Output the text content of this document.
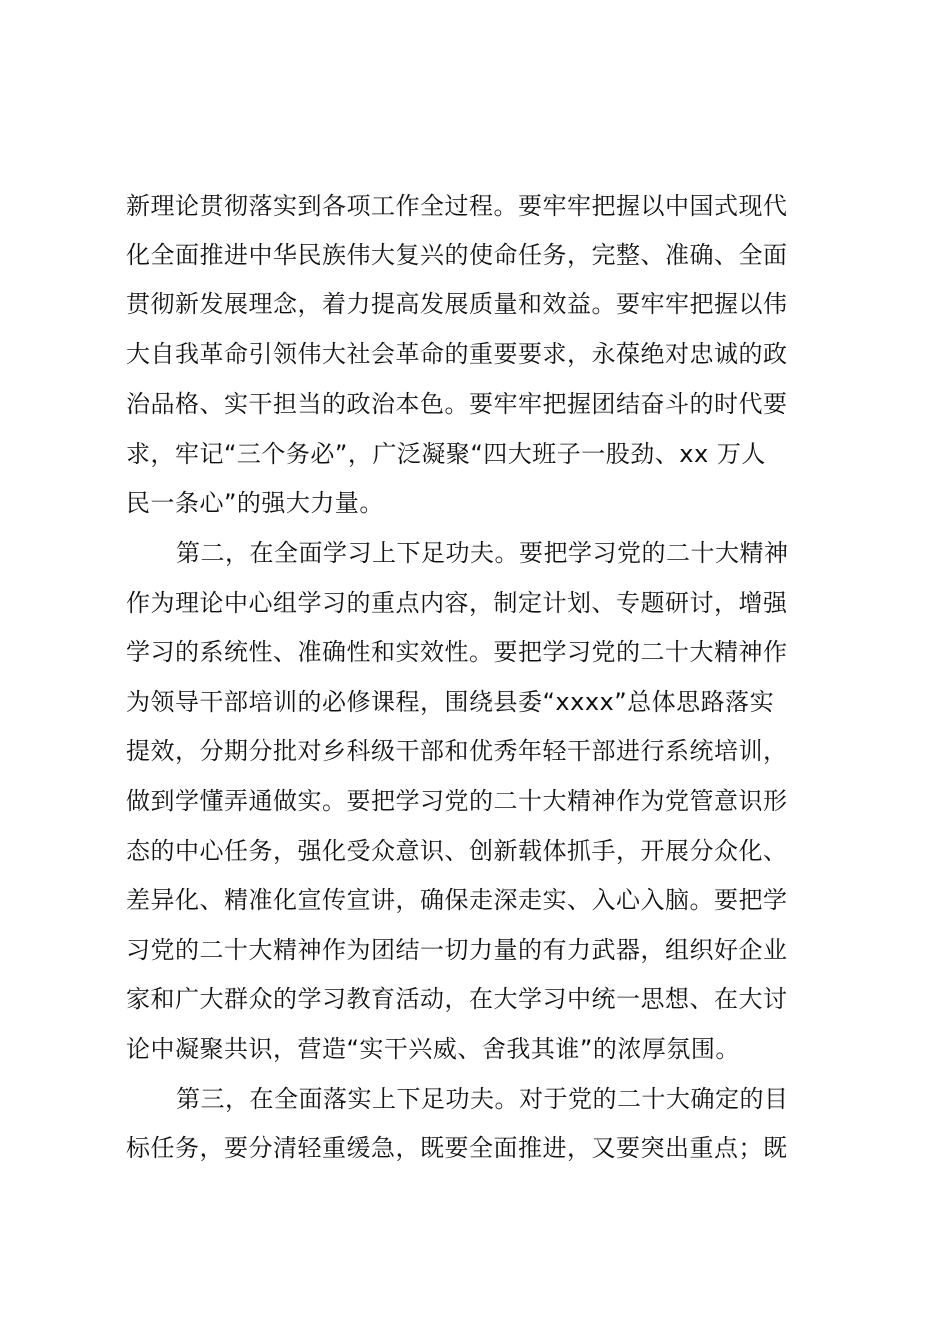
新理论贯彻落实到各项工作全过程。要牢牢把握以中国式现代
化全面推进中华民族伟大复兴的使命任务，完整、准确、全面
贯彻新发展理念，着力提高发展质量和效益。要牢牢把握以伟
大自我革命引领伟大社会革命的重要要求，永葆绝对忠诚的政
治品格、实干担当的政治本色。要牢牢把握团结奋斗的时代要
求，牢记“三个务必”，广泛凝聚“四大班子一股劲、xx 万人
民一条心”的强大力量。
第二，在全面学习上下足功夫。要把学习党的二十大精神
作为理论中心组学习的重点内容，制定计划、专题研讨，增强
学习的系统性、准确性和实效性。要把学习党的二十大精神作
为领导干部培训的必修课程，围绕县委“xxxx”总体思路落实
提效，分期分批对乡科级干部和优秀年轻干部进行系统培训，
做到学懂弄通做实。要把学习党的二十大精神作为党管意识形
态的中心任务，强化受众意识、创新载体抓手，开展分众化、
差异化、精准化宣传宣讲，确保走深走实、入心入脑。要把学
习党的二十大精神作为团结一切力量的有力武器，组织好企业
家和广大群众的学习教育活动，在大学习中统一思想、在大讨
论中凝聚共识，营造“实干兴威、舍我其谁”的浓厚氛围。
第三，在全面落实上下足功夫。对于党的二十大确定的目
标任务，要分清轻重缓急，既要全面推进，又要突出重点；既
